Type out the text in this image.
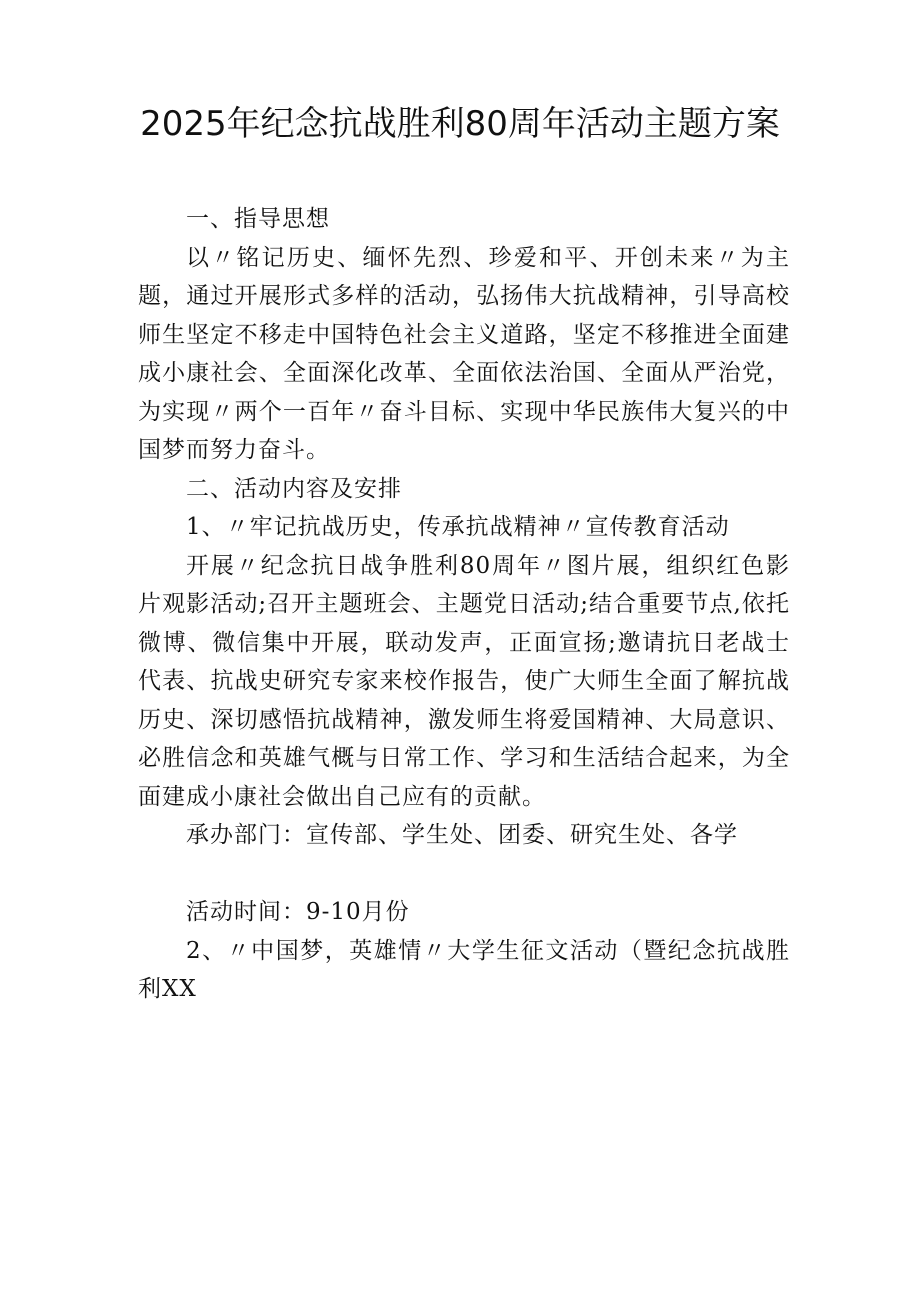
2025年纪念抗战胜利80周年活动主题方案

一、指导思想

以〃铭记历史、缅怀先烈、珍爱和平、开创未来〃为主题，通过开展形式多样的活动，弘扬伟大抗战精神，引导高校师生坚定不移走中国特色社会主义道路，坚定不移推进全面建成小康社会、全面深化改革、全面依法治国、全面从严治党，为实现〃两个一百年〃奋斗目标、实现中华民族伟大复兴的中国梦而努力奋斗。

二、活动内容及安排

1、〃牢记抗战历史，传承抗战精神〃宣传教育活动

开展〃纪念抗日战争胜利80周年〃图片展，组织红色影片观影活动;召开主题班会、主题党日活动;结合重要节点,依托微博、微信集中开展，联动发声，正面宣扬;邀请抗日老战士代表、抗战史研究专家来校作报告，使广大师生全面了解抗战历史、深切感悟抗战精神，激发师生将爱国精神、大局意识、必胜信念和英雄气概与日常工作、学习和生活结合起来，为全面建成小康社会做出自己应有的贡献。

承办部门：宣传部、学生处、团委、研究生处、各学

活动时间：9-10月份

2、〃中国梦，英雄情〃大学生征文活动（暨纪念抗战胜利XX
